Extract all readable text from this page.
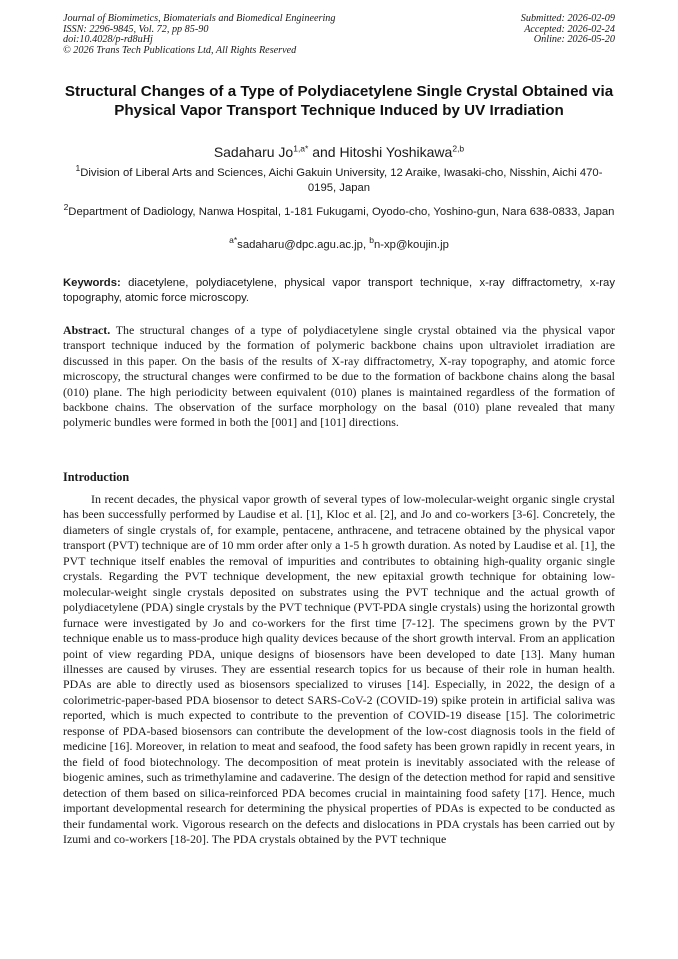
Journal of Biomimetics, Biomaterials and Biomedical Engineering
ISSN: 2296-9845, Vol. 72, pp 85-90
doi:10.4028/p-rd8uHj
© 2026 Trans Tech Publications Ltd, All Rights Reserved
Submitted: 2026-02-09
Accepted: 2026-02-24
Online: 2026-05-20
Structural Changes of a Type of Polydiacetylene Single Crystal Obtained via Physical Vapor Transport Technique Induced by UV Irradiation
Sadaharu $Jo^{1,a*}$ and Hitoshi Yoshikawa$^{2,b}$
$^1$Division of Liberal Arts and Sciences, Aichi Gakuin University, 12 Araike, Iwasaki-cho, Nisshin, Aichi 470-0195, Japan
$^2$Department of Dadiology, Nanwa Hospital, 1-181 Fukugami, Oyodo-cho, Yoshino-gun, Nara 638-0833, Japan
$^{a*}$sadaharu@dpc.agu.ac.jp, $^b$n-xp@koujin.jp
Keywords: diacetylene, polydiacetylene, physical vapor transport technique, x-ray diffractometry, x-ray topography, atomic force microscopy.
Abstract. The structural changes of a type of polydiacetylene single crystal obtained via the physical vapor transport technique induced by the formation of polymeric backbone chains upon ultraviolet irradiation are discussed in this paper. On the basis of the results of X-ray diffractometry, X-ray topography, and atomic force microscopy, the structural changes were confirmed to be due to the formation of backbone chains along the basal (010) plane. The high periodicity between equivalent (010) planes is maintained regardless of the formation of backbone chains. The observation of the surface morphology on the basal (010) plane revealed that many polymeric bundles were formed in both the [001] and [101] directions.
Introduction

In recent decades, the physical vapor growth of several types of low-molecular-weight organic single crystal has been successfully performed by Laudise et al. [1], Kloc et al. [2], and Jo and co-workers [3-6]. Concretely, the diameters of single crystals of, for example, pentacene, anthracene, and tetracene obtained by the physical vapor transport (PVT) technique are of 10 mm order after only a 1-5 h growth duration. As noted by Laudise et al. [1], the PVT technique itself enables the removal of impurities and contributes to obtaining high-quality organic single crystals. Regarding the PVT technique development, the new epitaxial growth technique for obtaining low-molecular-weight single crystals deposited on substrates using the PVT technique and the actual growth of polydiacetylene (PDA) single crystals by the PVT technique (PVT-PDA single crystals) using the horizontal growth furnace were investigated by Jo and co-workers for the first time [7-12]. The specimens grown by the PVT technique enable us to mass-produce high quality devices because of the short growth interval. From an application point of view regarding PDA, unique designs of biosensors have been developed to date [13]. Many human illnesses are caused by viruses. They are essential research topics for us because of their role in human health. PDAs are able to directly used as biosensors specialized to viruses [14]. Especially, in 2022, the design of a colorimetric-paper-based PDA biosensor to detect SARS-CoV-2 (COVID-19) spike protein in artificial saliva was reported, which is much expected to contribute to the prevention of COVID-19 disease [15]. The colorimetric response of PDA-based biosensors can contribute the development of the low-cost diagnosis tools in the field of medicine [16]. Moreover, in relation to meat and seafood, the food safety has been grown rapidly in recent years, in the field of food biotechnology. The decomposition of meat protein is inevitably associated with the release of biogenic amines, such as trimethylamine and cadaverine. The design of the detection method for rapid and sensitive detection of them based on silica-reinforced PDA becomes crucial in maintaining food safety [17]. Hence, much important developmental research for determining the physical properties of PDAs is expected to be conducted as their fundamental work. Vigorous research on the defects and dislocations in PDA crystals has been carried out by Izumi and co-workers [18-20]. The PDA crystals obtained by the PVT technique
